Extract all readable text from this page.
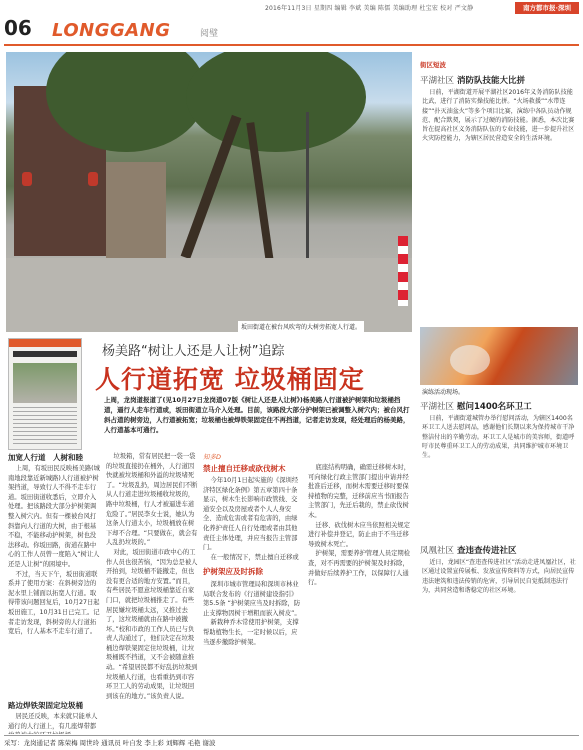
2016年11月3日 星期四 编辑 李斌 美编 陈儒 美编助理 杜宝宏 校对 严文静	南方都市报·深圳
06 LONGGANG	阅璧
坂田街道在被台风吹弯的大树旁拓宽人行道。
杨美路“树让人还是人让树”追踪
人行道拓宽 垃圾桶固定
上周，龙岗道报道了(见10月27日龙岗道07版《树让人还是人让树》)杨美路人行道被护树架和垃圾桶挡道，逼行人走车行道或，坂田街道立马介入处理。目前，该路段大部分护树架已被调整入树穴内；被台风打斜占道的树旁边，人行道被拓宽；垃圾桶也被焊铁架固定住不再挡道，记者走访发现，经处理后的杨美路，人行道基本可通行。
加宽人行道　人树和睦

上周，有坂田民反映杨美路(城南地段靠近新城路)人行道被护树架挡道，导致行人不得不走车行道。坂田街道收悉后，立即介入处理。把该路段大部分护树架调整入树穴内。但有一棵被台风打斜靠向人行道的大树，由于根基不稳，不能移动护树架，树也没法移动。你坂田路，街道在路中心的工作人员曾一度陷入“树让人还是人让树”的困境中。

不过，当天下午，坂田街道联系并了使用方案：在斜树旁边的泥水里上铺面以拓宽人行道。取得带该问题回复后，10月27日起坂田施工，10月31日已完工。记者走访发现，斜树旁的人行道拓宽后，行人基本不走车行道了。

路边焊铁架固定垃圾桶

居民还反映，本来就只能单人通行的人行道上，有几座焊带都

垃圾箱，常有居民把一袋一袋的垃圾直接扔在桶外，人行道因快就被垃圾桶和外溢的垃圾堵死了。“垃圾乱扔，周边居民们不断从人行道走进垃圾桶收垃圾的，路中垃圾桶，行人才被逼进车道危险了。”居民李女士说，她认为这条人行道太小，垃圾桶放在树下却不合理。“只要做在，就会有人乱扔垃圾的。”

对此，坂田街道市政中心的工作人员也很苦恼，“因为总是被人开拍到，垃圾桶不能撤走，但也没有更合适的地方安置。”而且，有些居民不愿意垃圾桶靠近自家门口，就把垃圾桶推走了。有些居民嫌垃圾桶太远，又推过去了，这垃圾桶就由在路中被撤坏。”校和市政的工作人员已与负责人沟通过了，他们决定在垃圾桶边焊铁架固定住垃圾桶，让垃圾桶既不挡道，又不会被随意推动。“希望居民都不好乱扔垃圾到垃圾桶人行道，也看重扔到市容环卫工人的劳动成果，让垃圾回到该在的地方。”该负责人说。

知多D
禁止擅自迁移或砍伐树木

今年10月1日起实施的《深圳经济特区绿化条例》第五章第四十条显示，树木生长影响市政管线、交通安全以及房屋或者个人人身安全、造成危害或者有危害的，由绿化养护责任人自行处理或者由其他责任主体处理，并应当报告主管部门。

在一般情况下，禁止擅自迁移或

护树架应及时拆除

深圳市城市管理局和深圳市林业局联合发布的《行道树建设指引》第5.5条 “护树架应当及时拆除，防止支撑物因树干增粗而嵌入树皮”。

新栽种乔木常使用护树架，支撑帮助植物生长，一定时候以后，应当逐步撤除护树架。

底座结构明确，确需迁移树木时，可向绿化行政主管部门提出申请并经批准后迁移，而树木需要迁移时要保持植物的完整，迁移前应当书面报告主管部门，先迁后栽的，禁止砍伐树木。

迁移、砍伐树木应当依照相关规定进行补偿并登记，防止由于不当迁移导致树木死亡。

护树架，需要养护管理人员定期检查，对不再需要的护树架及时拆除，并做好后续养护工作，以保障行人通行。

街区短波
平湖社区 消防队技能大比拼
日前，平湖街道开展平湖社区2016年义务消防队技能比武，进行了消防实操技能比拼。“火场救援”“水带连接”“扑灭油盆火”等多个项目比赛，演练中各队员动作规范、配合默契，展示了过硬的消防技能。据悉，本次比赛旨在提高社区义务消防队伍的专业技能，进一步提升社区火灾防控能力，为辖区居民营造安全的生活环境。
演练活动现场。
平湖社区 慰问1400名环卫工
日前，平湖街道城管办举行慰问活动，为辖区1400名环卫工人送去慰问品，感谢他们长期以来为保持城市干净整洁付出的辛勤劳动。环卫工人是城市的美容师，街道呼吁市民尊重环卫工人的劳动成果，共同维护城市环境卫生。
凤凰社区 查违查传进社区
近日，龙园区“查违查传进社区”活动走进凤凰社区，社区通过设置宣传展板、发放宣传资料等方式，向居民宣传违法建筑和违法传销的危害，引导居民自觉抵制违法行为，共同营造和谐稳定的社区环境。
采写：龙岗通记者 陈荣梅 周世玲 通讯员 叶自发 李上彩 刘辉辉 毛艳 谢波
